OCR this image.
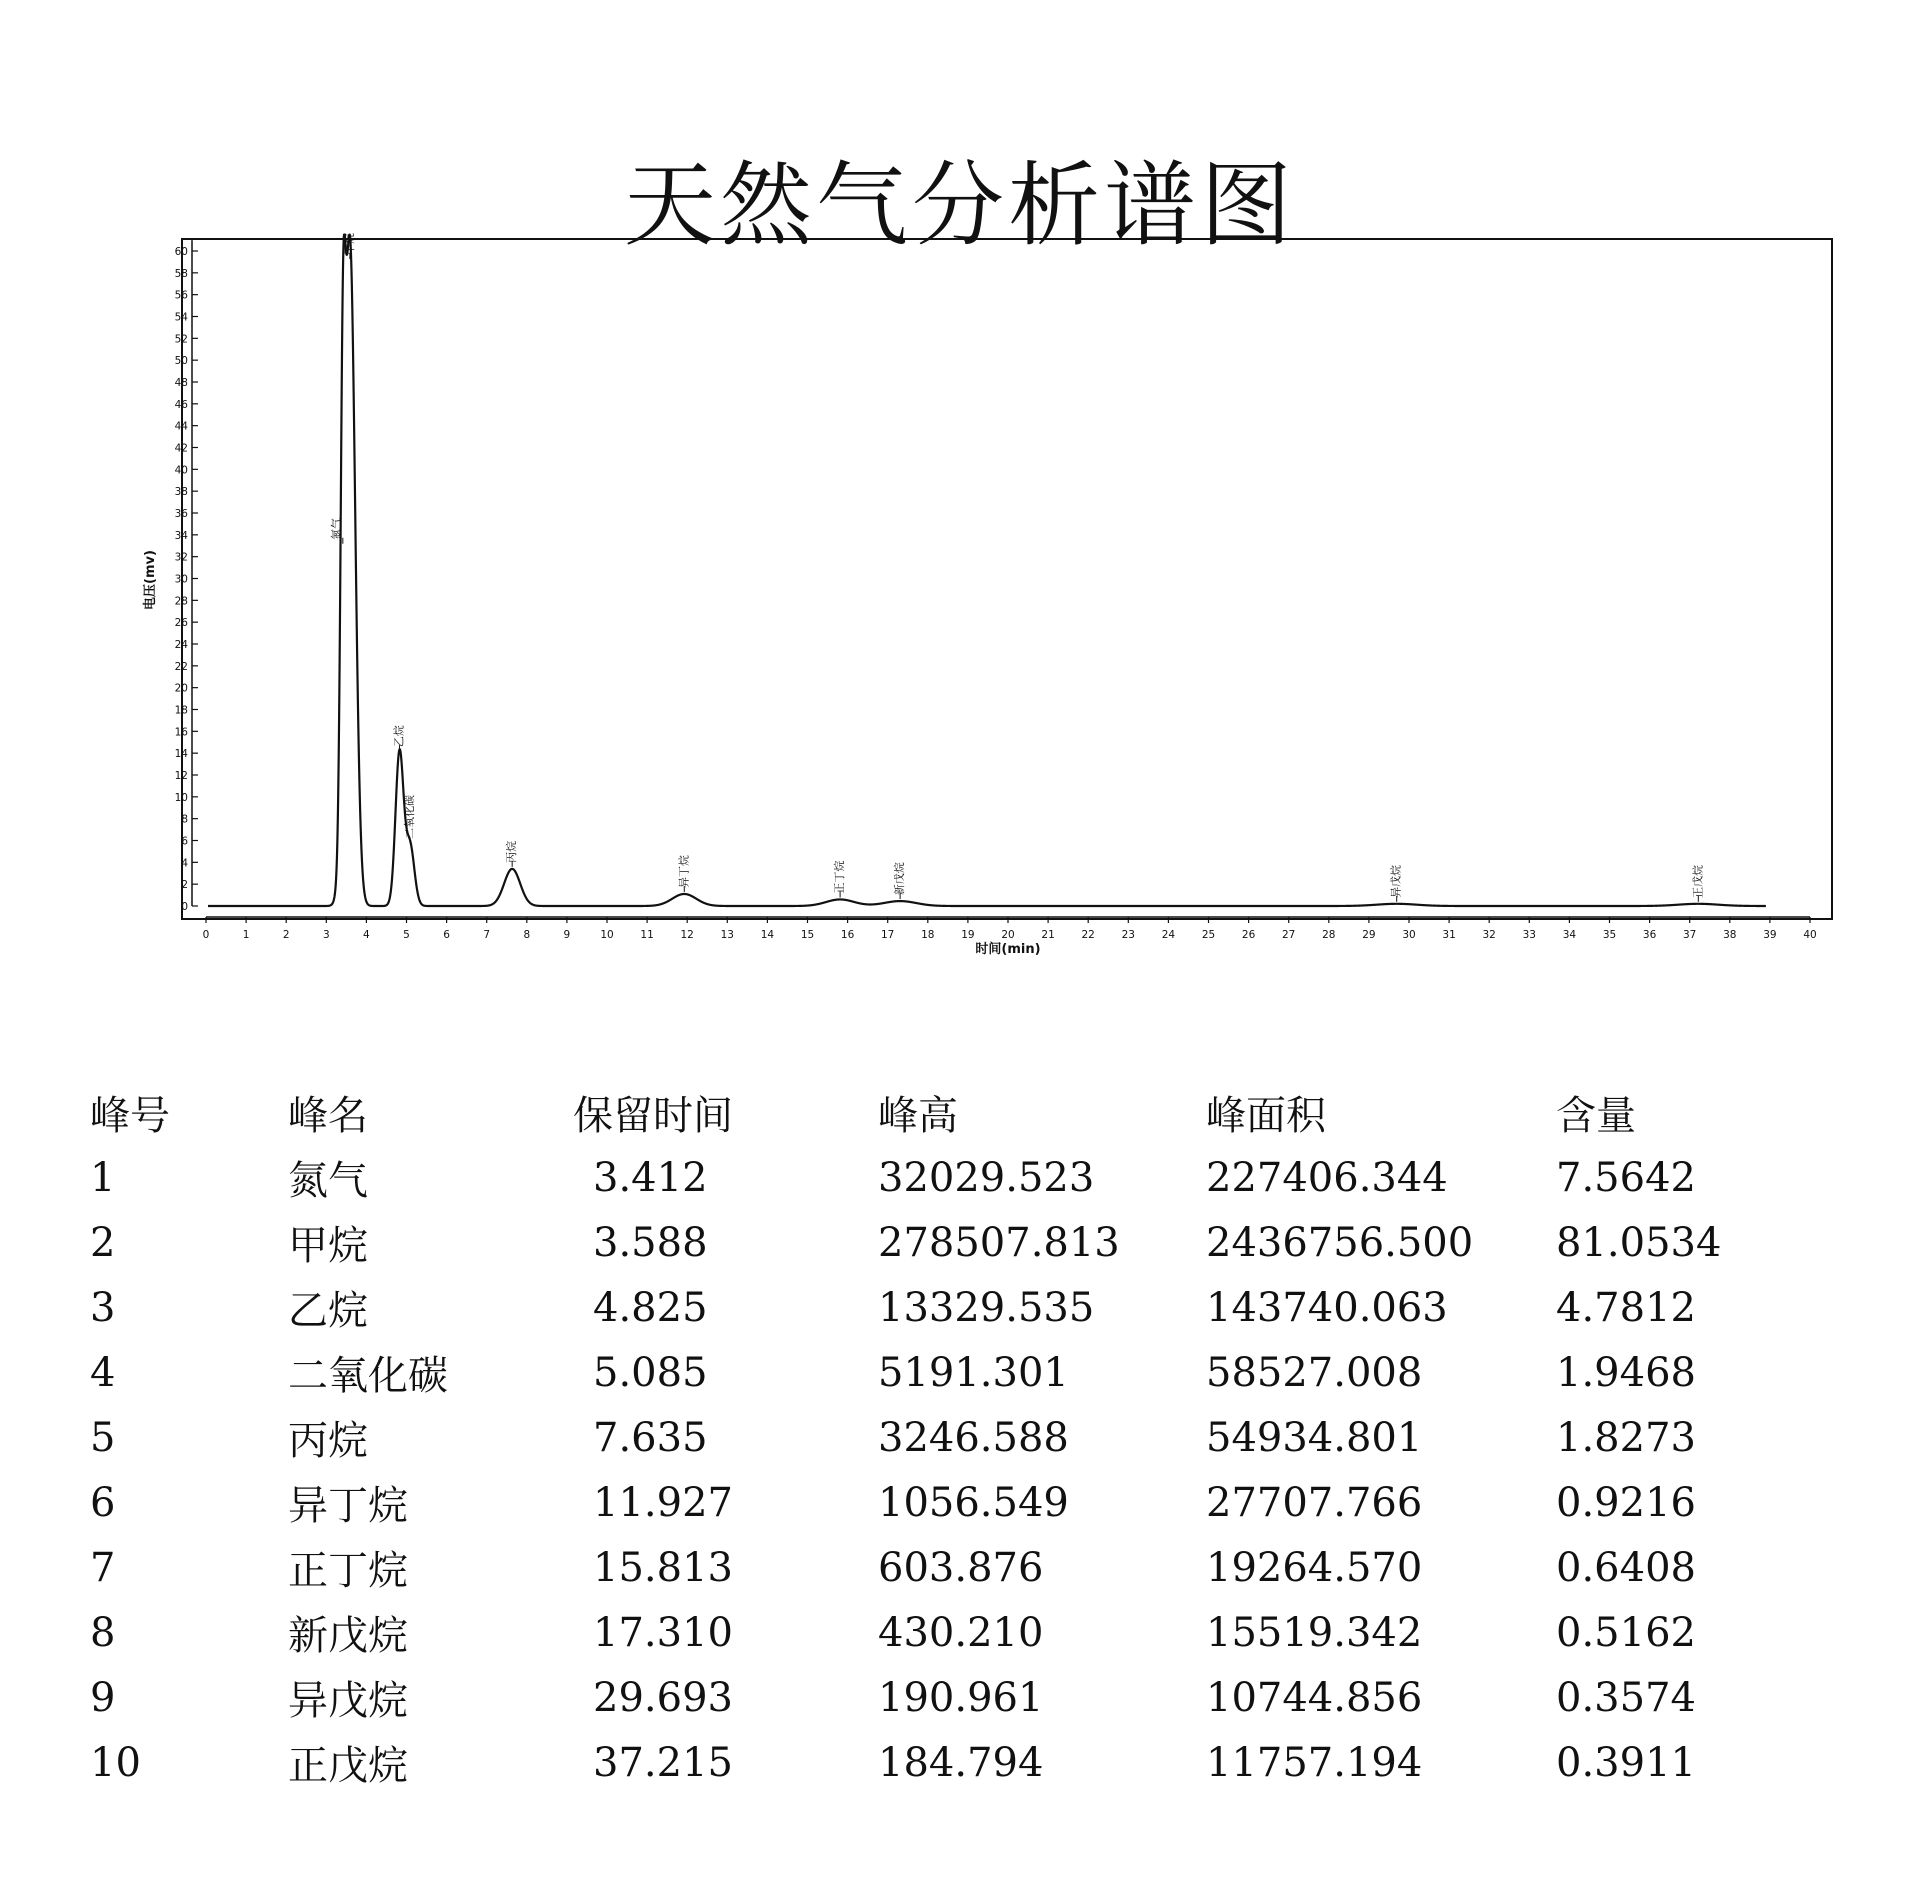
天然气分析谱图
0
2
4
6
8
10
12
14
16
18
20
22
24
26
28
30
32
34
36
38
40
42
44
46
48
50
52
54
56
58
60
0	1	2	3	4	5	6	7	8	9	10	11	12	13	14	15	16	17	18	19	20	21	22	23	24	25	26	27	28	29	30	31	32	33	34	35	36	37	38	39	40
氮气
甲烷
乙烷
二氧化碳
丙烷
异丁烷	正丁烷	新戊烷	异戊烷	正戊烷
时间(min)
电压(mv)
峰号	峰名	保留时间	峰高	峰面积	含量
1	氮气	3.412	32029.523	227406.344	7.5642
2	甲烷	3.588	278507.813	2436756.500	81.0534
3	乙烷	4.825	13329.535	143740.063	4.7812
4	二氧化碳	5.085	5191.301	58527.008	1.9468
5	丙烷	7.635	3246.588	54934.801	1.8273
6	异丁烷	11.927	1056.549	27707.766	0.9216
7	正丁烷	15.813	603.876	19264.570	0.6408
8	新戊烷	17.310	430.210	15519.342	0.5162
9	异戊烷	29.693	190.961	10744.856	0.3574
10	正戊烷	37.215	184.794	11757.194	0.3911
